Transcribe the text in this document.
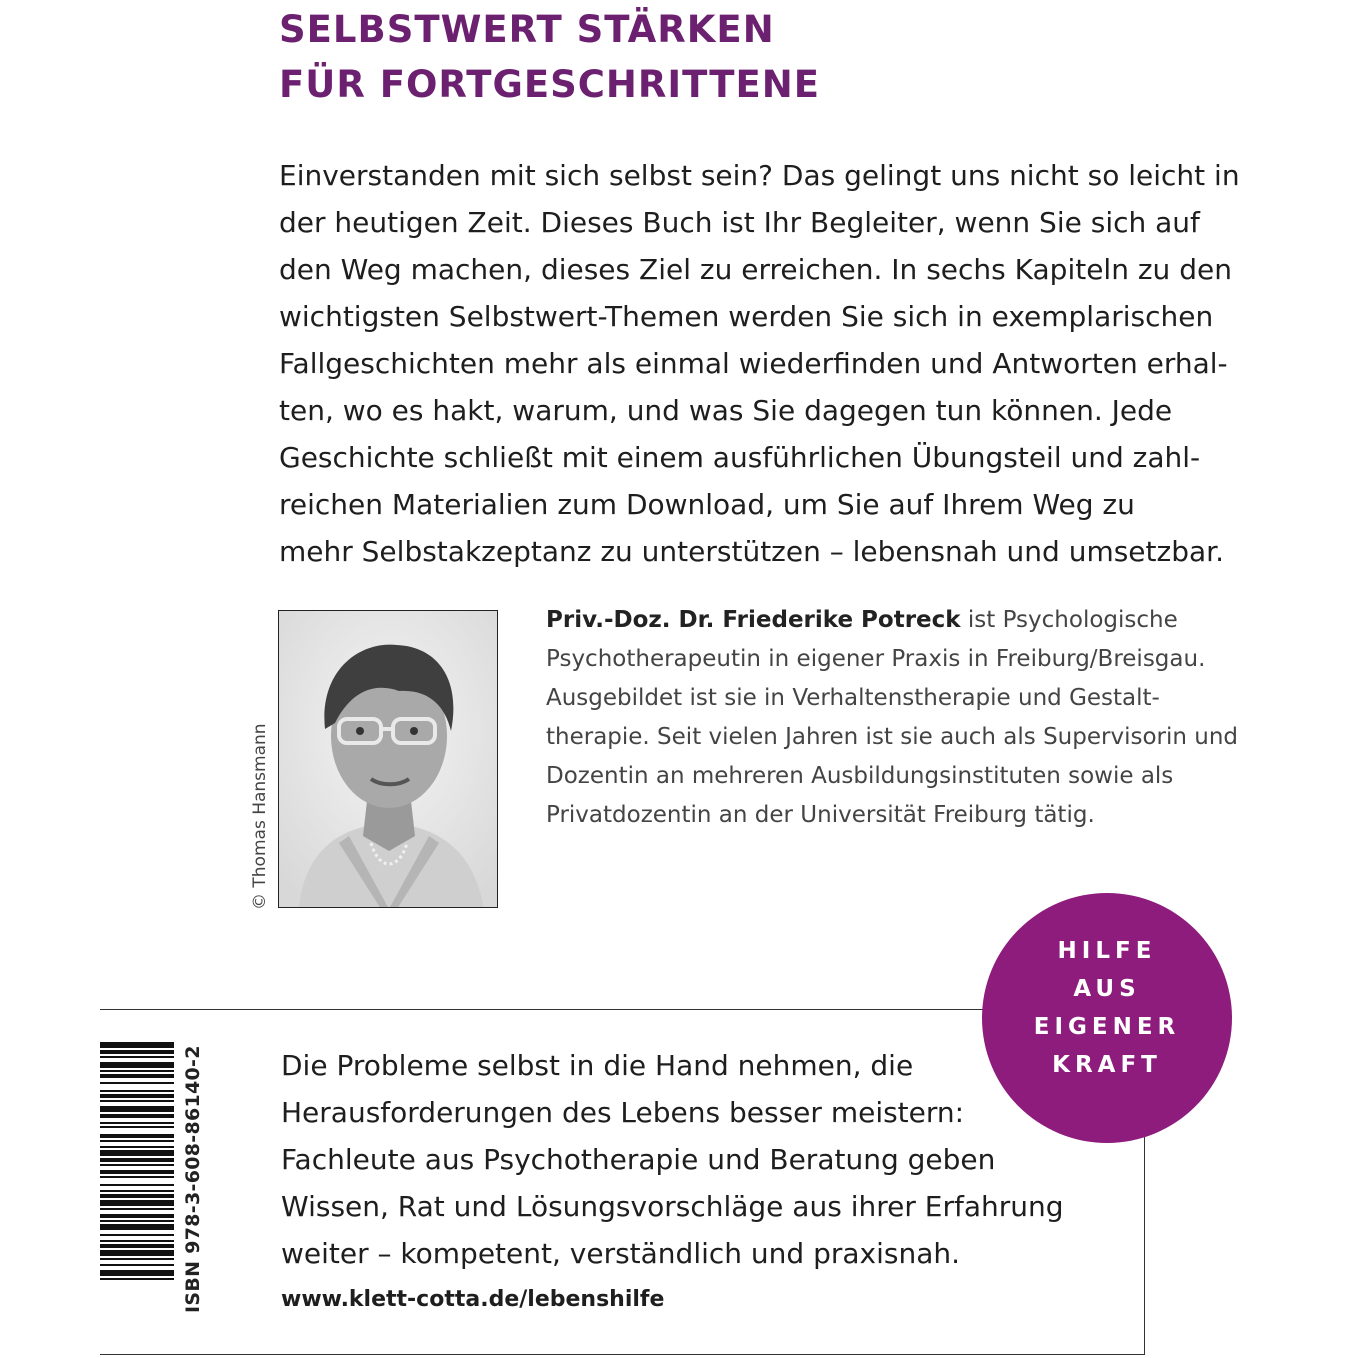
SELBSTWERT STÄRKEN
FÜR FORTGESCHRITTENE
Einverstanden mit sich selbst sein? Das gelingt uns nicht so leicht in
der heutigen Zeit. Dieses Buch ist Ihr Begleiter, wenn Sie sich auf
den Weg machen, dieses Ziel zu erreichen. In sechs Kapiteln zu den
wichtigsten Selbstwert-Themen werden Sie sich in exemplarischen
Fallgeschichten mehr als einmal wiederfinden und Antworten erhal-
ten, wo es hakt, warum, und was Sie dagegen tun können. Jede
Geschichte schließt mit einem ausführlichen Übungsteil und zahl-
reichen Materialien zum Download, um Sie auf Ihrem Weg zu
mehr Selbstakzeptanz zu unterstützen – lebensnah und umsetzbar.
© Thomas Hansmann
Priv.-Doz. Dr. Friederike Potreck ist Psychologische
Psychotherapeutin in eigener Praxis in Freiburg/Breisgau.
Ausgebildet ist sie in Verhaltenstherapie und Gestalt-
therapie. Seit vielen Jahren ist sie auch als Supervisorin und
Dozentin an mehreren Ausbildungsinstituten sowie als
Privatdozentin an der Universität Freiburg tätig.
ISBN 978-3-608-86140-2	Die Probleme selbst in die Hand nehmen, die
Herausforderungen des Lebens besser meistern:
Fachleute aus Psychotherapie und Beratung geben
Wissen, Rat und Lösungsvorschläge aus ihrer Erfahrung
weiter – kompetent, verständlich und praxisnah.
www.klett-cotta.de/lebenshilfe
HILFE
AUS
EIGENER
KRAFT
